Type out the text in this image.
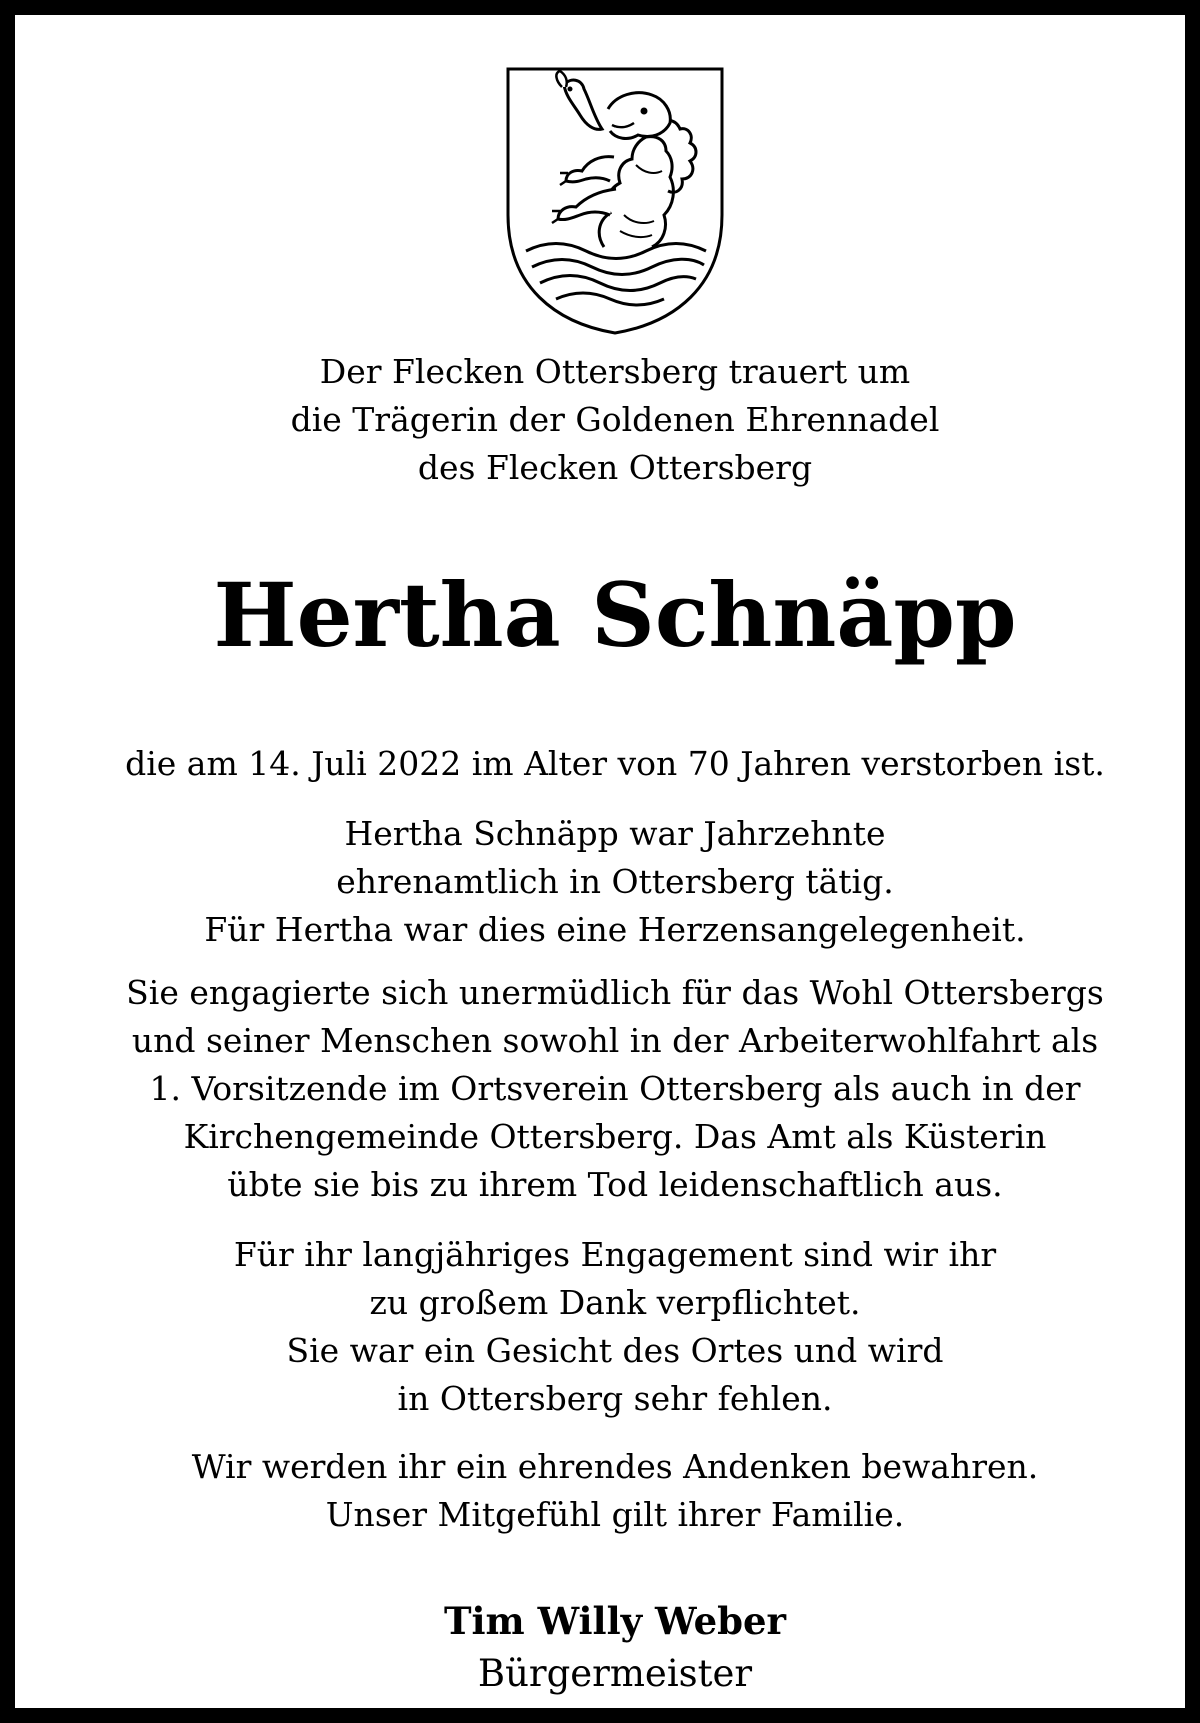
Der Flecken Ottersberg trauert um
die Trägerin der Goldenen Ehrennadel
des Flecken Ottersberg
Hertha Schnäpp
die am 14. Juli 2022 im Alter von 70 Jahren verstorben ist.
Hertha Schnäpp war Jahrzehnte
ehrenamtlich in Ottersberg tätig.
Für Hertha war dies eine Herzensangelegenheit.
Sie engagierte sich unermüdlich für das Wohl Ottersbergs
und seiner Menschen sowohl in der Arbeiterwohlfahrt als
1. Vorsitzende im Ortsverein Ottersberg als auch in der
Kirchengemeinde Ottersberg. Das Amt als Küsterin
übte sie bis zu ihrem Tod leidenschaftlich aus.
Für ihr langjähriges Engagement sind wir ihr
zu großem Dank verpflichtet.
Sie war ein Gesicht des Ortes und wird
in Ottersberg sehr fehlen.
Wir werden ihr ein ehrendes Andenken bewahren.
Unser Mitgefühl gilt ihrer Familie.
Tim Willy Weber
Bürgermeister
